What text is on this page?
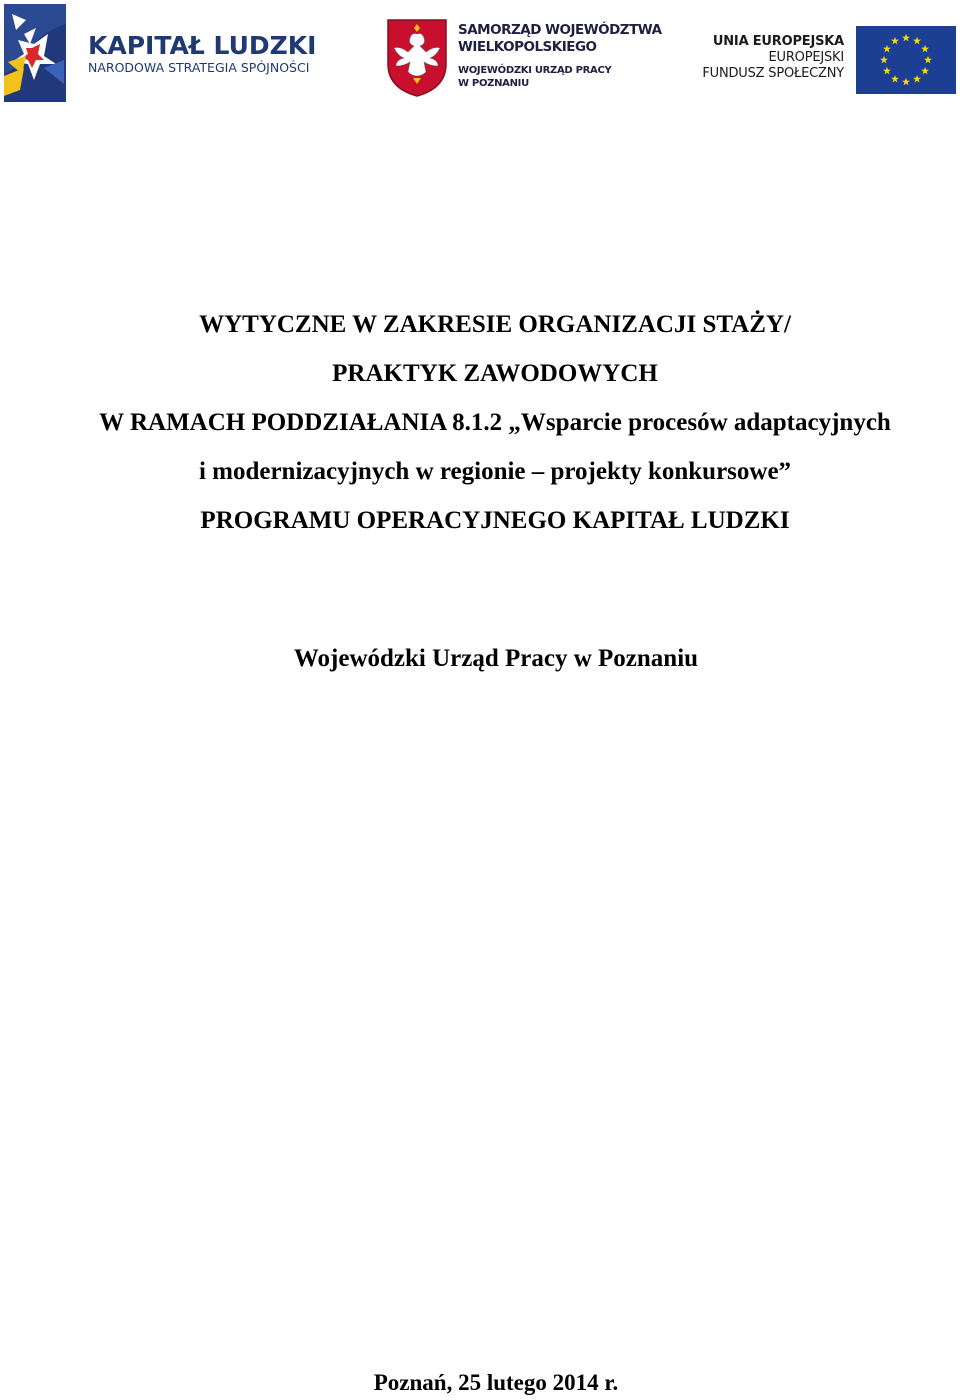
KAPITAŁ LUDZKI
NARODOWA STRATEGIA SPÓJNOŚCI
SAMORZĄD WOJEWÓDZTWA
WIELKOPOLSKIEGO
WOJEWÓDZKI URZĄD PRACY
W POZNANIU
UNIA EUROPEJSKA
EUROPEJSKI
FUNDUSZ SPOŁECZNY
WYTYCZNE W ZAKRESIE ORGANIZACJI STAŻY/
PRAKTYK ZAWODOWYCH
W RAMACH PODDZIAŁANIA 8.1.2 „Wsparcie procesów adaptacyjnych
i modernizacyjnych w regionie – projekty konkursowe”
PROGRAMU OPERACYJNEGO KAPITAŁ LUDZKI
Wojewódzki Urząd Pracy w Poznaniu
Poznań, 25 lutego 2014 r.
